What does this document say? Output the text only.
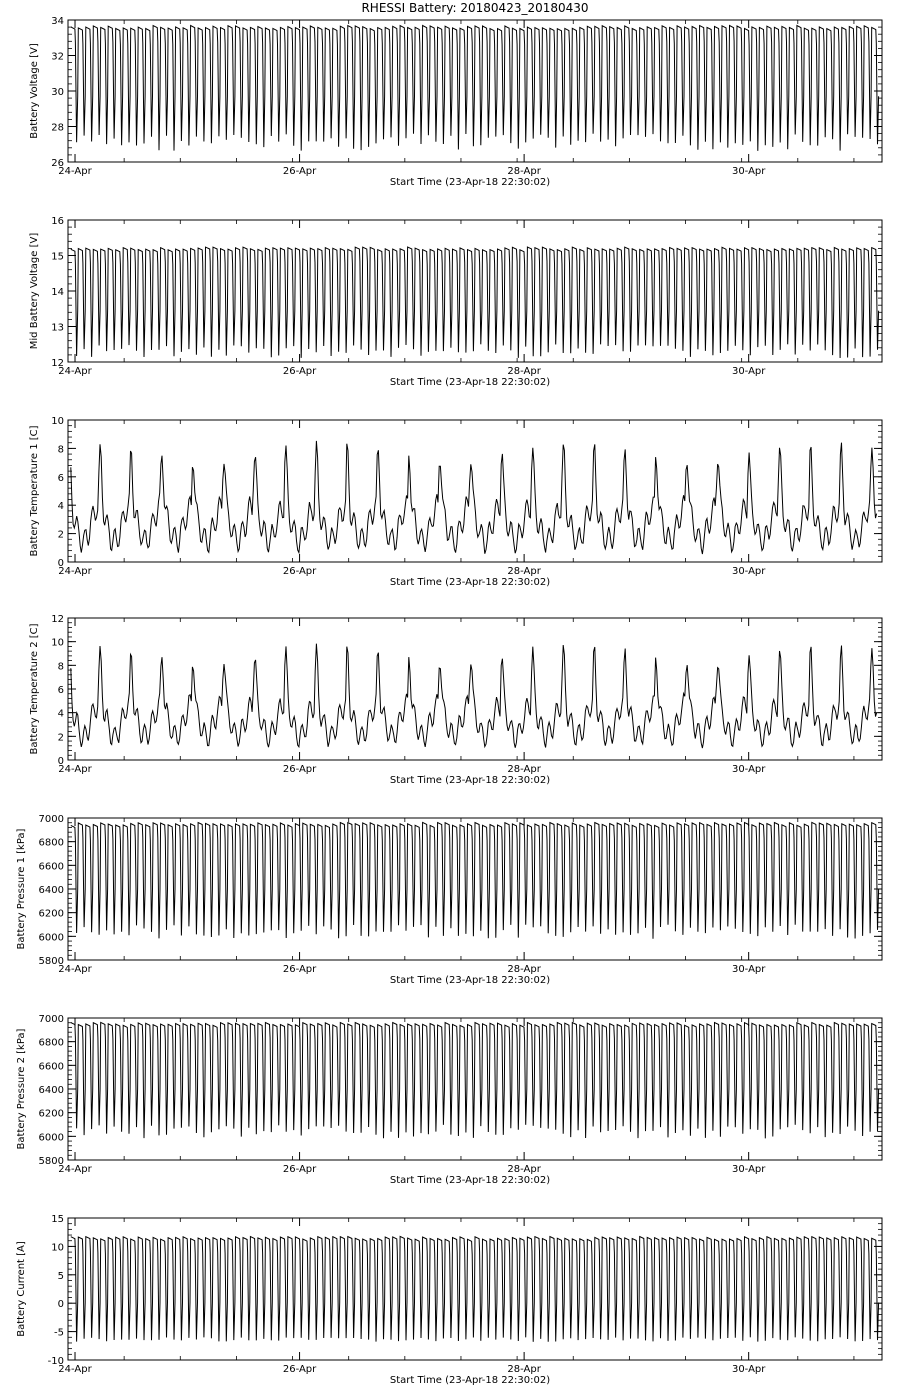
RHESSI Battery: 20180423_20180430
26
28
30
32
34
24-Apr	26-Apr	28-Apr	30-Apr
Start Time (23-Apr-18 22:30:02)
Battery Voltage [V]
12
13
14
15
16
24-Apr	26-Apr	28-Apr	30-Apr
Start Time (23-Apr-18 22:30:02)
Mid Battery Voltage [V]
0
2
4
6
8
10
24-Apr	26-Apr	28-Apr	30-Apr
Start Time (23-Apr-18 22:30:02)
Battery Temperature 1 [C]
0
2
4
6
8
10
12
24-Apr	26-Apr	28-Apr	30-Apr
Start Time (23-Apr-18 22:30:02)
Battery Temperature 2 [C]
5800
6000
6200
6400
6600
6800
7000
24-Apr	26-Apr	28-Apr	30-Apr
Start Time (23-Apr-18 22:30:02)
Battery Pressure 1 [kPa]
5800
6000
6200
6400
6600
6800
7000
24-Apr	26-Apr	28-Apr	30-Apr
Start Time (23-Apr-18 22:30:02)
Battery Pressure 2 [kPa]
-10
-5
0
5
10
15
24-Apr	26-Apr	28-Apr	30-Apr
Start Time (23-Apr-18 22:30:02)
Battery Current [A]
